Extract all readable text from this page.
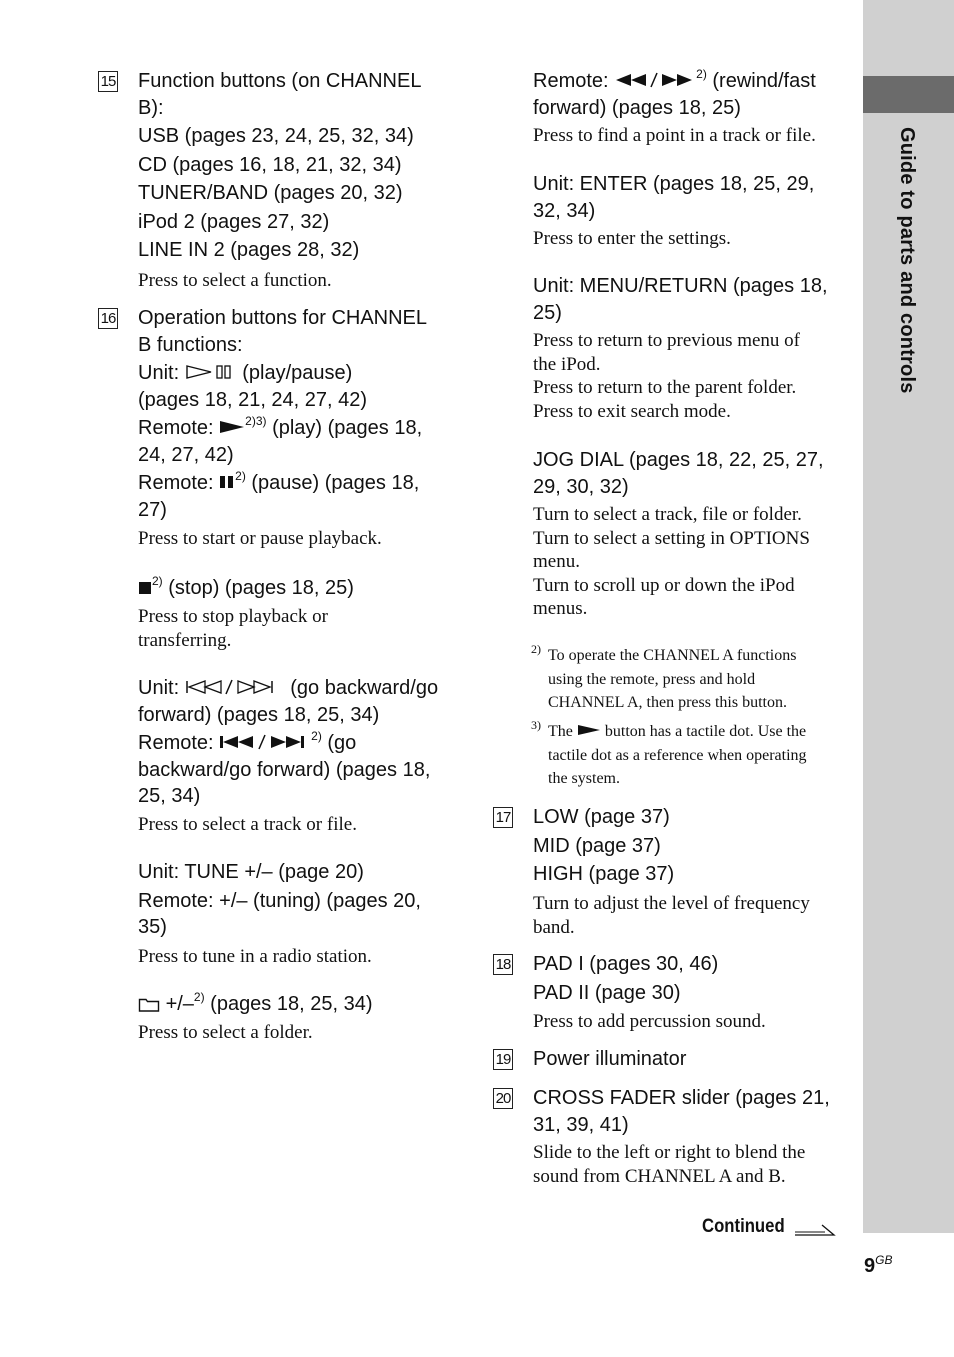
Guide to parts and controls
15 Function buttons (on CHANNEL
B):
USB (pages 23, 24, 25, 32, 34)
CD (pages 16, 18, 21, 32, 34)
TUNER/BAND (pages 20, 32)
iPod 2 (pages 27, 32)
LINE IN 2 (pages 28, 32)
Press to select a function.
16 Operation buttons for CHANNEL
B functions:
Unit:	(play/pause)
(pages 18, 21, 24, 27, 42)
Remote:	$^{2)3)}$ (play) (pages 18,
24, 27, 42)
Remote: $^{2)}$ (pause) (pages 18,
27)
Press to start or pause playback.
$^{2)}$ (stop) (pages 18, 25)
Press to stop playback or
transferring.
Unit:	(go backward/go
forward) (pages 18, 25, 34)
Remote:	$^{2)}$ (go
backward/go forward) (pages 18,
25, 34)
Press to select a track or file.
Unit: TUNE +/– (page 20)
Remote: +/– (tuning) (pages 20,
35)
Press to tune in a radio station.
+/–$^{2)}$ (pages 18, 25, 34)
Press to select a folder.
Remote:	$^{2)}$ (rewind/fast
forward) (pages 18, 25)
Press to find a point in a track or file.
Unit: ENTER (pages 18, 25, 29,
32, 34)
Press to enter the settings.
Unit: MENU/RETURN (pages 18,
25)
Press to return to previous menu of
the iPod.
Press to return to the parent folder.
Press to exit search mode.
JOG DIAL (pages 18, 22, 25, 27,
29, 30, 32)
Turn to select a track, file or folder.
Turn to select a setting in OPTIONS
menu.
Turn to scroll up or down the iPod
menus.
2) To operate the CHANNEL A functions
using the remote, press and hold
CHANNEL A, then press this button.
3) The button has a tactile dot. Use the
tactile dot as a reference when operating
the system.
17 LOW (page 37)
MID (page 37)
HIGH (page 37)
Turn to adjust the level of frequency
band.
18 PAD I (pages 30, 46)
PAD II (page 30)
Press to add percussion sound.
19 Power illuminator
20 CROSS FADER slider (pages 21,
31, 39, 41)
Slide to the left or right to blend the
sound from CHANNEL A and B.
Continued
$9^{GB}$
